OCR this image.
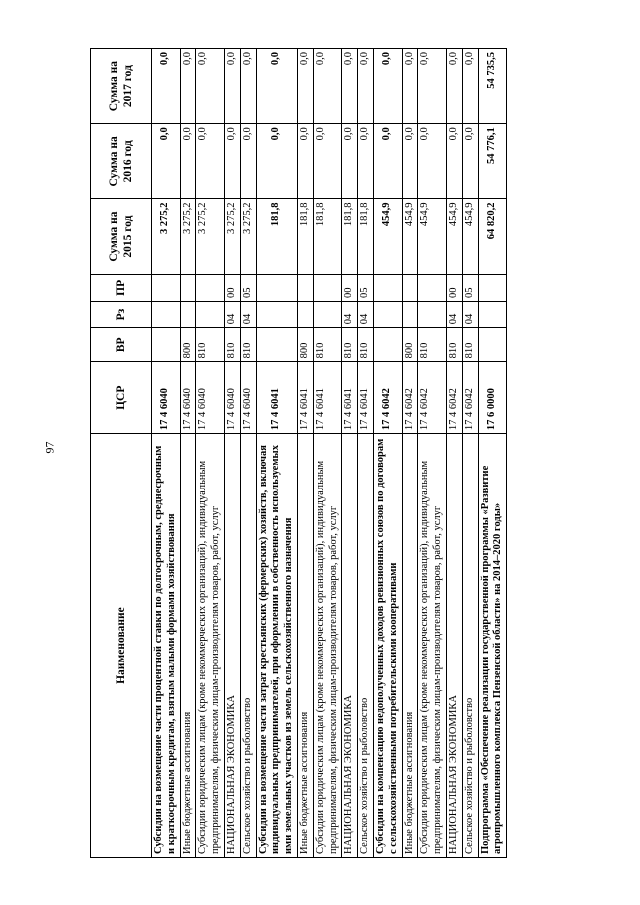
97
Наименование	ЦСР	ВР	Рз	ПР	Сумма на 2015 год	Сумма на 2016 год	Сумма на 2017 год
Субсидии на возмещение части процентной ставки по долгосрочным, среднесрочным и краткосрочным кредитам, взятым малыми формами хозяйствования	17 4 6040				3 275,2	0,0	0,0
Иные бюджетные ассигнования	17 4 6040	800			3 275,2	0,0	0,0
Субсидии юридическим лицам (кроме некоммерческих организаций), индивидуальным предпринимателям, физическим лицам-производителям товаров, работ, услуг	17 4 6040	810			3 275,2	0,0	0,0
НАЦИОНАЛЬНАЯ ЭКОНОМИКА	17 4 6040	810	04	00	3 275,2	0,0	0,0
Сельское хозяйство и рыболовство	17 4 6040	810	04	05	3 275,2	0,0	0,0
Субсидии на возмещение части затрат крестьянских (фермерских) хозяйств, включая индивидуальных предпринимателей, при оформлении в собственность используемых ими земельных участков из земель сельскохозяйственного назначения	17 4 6041				181,8	0,0	0,0
Иные бюджетные ассигнования	17 4 6041	800			181,8	0,0	0,0
Субсидии юридическим лицам (кроме некоммерческих организаций), индивидуальным предпринимателям, физическим лицам-производителям товаров, работ, услуг	17 4 6041	810			181,8	0,0	0,0
НАЦИОНАЛЬНАЯ ЭКОНОМИКА	17 4 6041	810	04	00	181,8	0,0	0,0
Сельское хозяйство и рыболовство	17 4 6041	810	04	05	181,8	0,0	0,0
Субсидии на компенсацию недополученных доходов ревизионных союзов по договорам с сельскохозяйственными потребительскими кооперативами	17 4 6042				454,9	0,0	0,0
Иные бюджетные ассигнования	17 4 6042	800			454,9	0,0	0,0
Субсидии юридическим лицам (кроме некоммерческих организаций), индивидуальным предпринимателям, физическим лицам-производителям товаров, работ, услуг	17 4 6042	810			454,9	0,0	0,0
НАЦИОНАЛЬНАЯ ЭКОНОМИКА	17 4 6042	810	04	00	454,9	0,0	0,0
Сельское хозяйство и рыболовство	17 4 6042	810	04	05	454,9	0,0	0,0
Подпрограмма «Обеспечение реализации государственной программы «Развитие агропромышленного комплекса Пензенской области» на 2014–2020 годы»	17 6 0000				64 820,2	54 776,1	54 735,5
